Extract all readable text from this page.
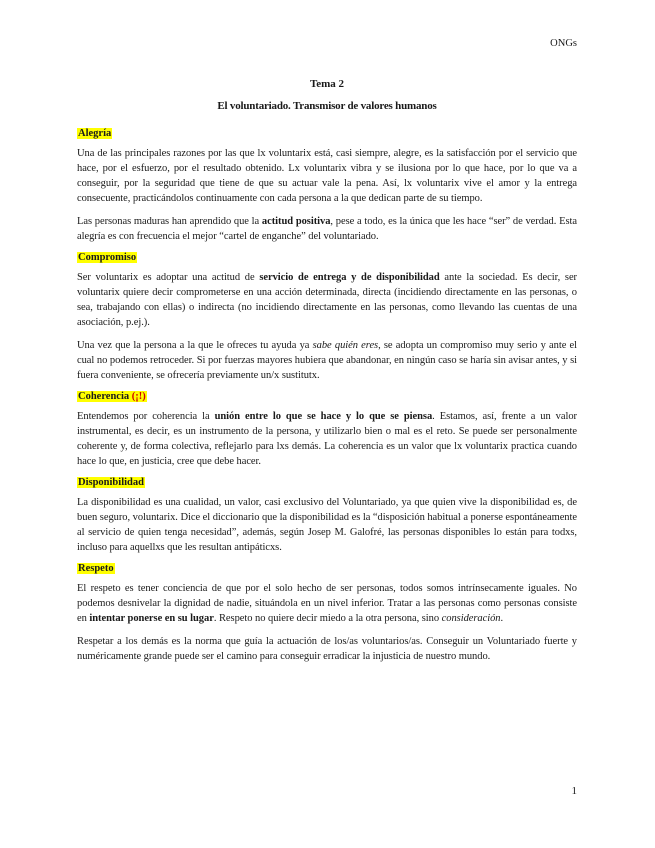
ONGs
Tema 2
El voluntariado. Transmisor de valores humanos
Alegría

Una de las principales razones por las que lx voluntarix está, casi siempre, alegre, es la satisfacción por el servicio que hace, por el esfuerzo, por el resultado obtenido. Lx voluntarix vibra y se ilusiona por lo que hace, por lo que va a conseguir, por la seguridad que tiene de que su actuar vale la pena. Así, lx voluntarix vive el amor y la entrega consecuente, practicándolos continuamente con cada persona a la que dedican parte de su tiempo.

Las personas maduras han aprendido que la actitud positiva, pese a todo, es la única que les hace “ser” de verdad. Esta alegría es con frecuencia el mejor “cartel de enganche” del voluntariado.

Compromiso

Ser voluntarix es adoptar una actitud de servicio de entrega y de disponibilidad ante la sociedad. Es decir, ser voluntarix quiere decir comprometerse en una acción determinada, directa (incidiendo directamente en las personas, o sea, trabajando con ellas) o indirecta (no incidiendo directamente en las personas, como llevando las cuentas de una asociación, p.ej.).

Una vez que la persona a la que le ofreces tu ayuda ya sabe quién eres, se adopta un compromiso muy serio y ante el cual no podemos retroceder. Si por fuerzas mayores hubiera que abandonar, en ningún caso se haría sin avisar antes, y si fuera conveniente, se ofrecería previamente un/x sustitutx.

Coherencia (¡!)

Entendemos por coherencia la unión entre lo que se hace y lo que se piensa. Estamos, así, frente a un valor instrumental, es decir, es un instrumento de la persona, y utilizarlo bien o mal es el reto. Se puede ser personalmente coherente y, de forma colectiva, reflejarlo para lxs demás. La coherencia es un valor que lx voluntarix practica cuando hace lo que, en justicia, cree que debe hacer.

Disponibilidad

La disponibilidad es una cualidad, un valor, casi exclusivo del Voluntariado, ya que quien vive la disponibilidad es, de buen seguro, voluntarix. Dice el diccionario que la disponibilidad es la “disposición habitual a ponerse espontáneamente al servicio de quien tenga necesidad”, además, según Josep M. Galofré, las personas disponibles lo están para todxs, incluso para aquellxs que les resultan antipáticxs.

Respeto

El respeto es tener conciencia de que por el solo hecho de ser personas, todos somos intrínsecamente iguales. No podemos desnivelar la dignidad de nadie, situándola en un nivel inferior. Tratar a las personas como personas consiste en intentar ponerse en su lugar. Respeto no quiere decir miedo a la otra persona, sino consideración.

Respetar a los demás es la norma que guía la actuación de los/as voluntarios/as. Conseguir un Voluntariado fuerte y numéricamente grande puede ser el camino para conseguir erradicar la injusticia de nuestro mundo.

1
